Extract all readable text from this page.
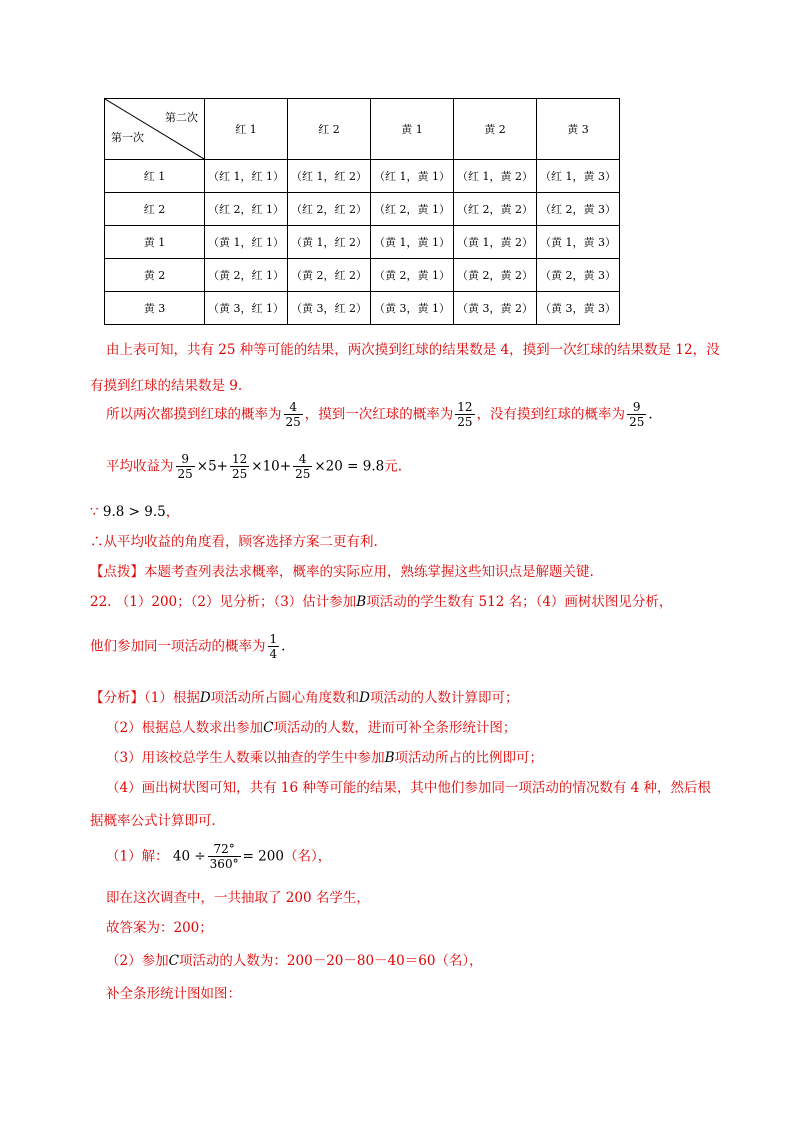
第二次
第一次	红 1	红 2	黄 1	黄 2	黄 3
红 1	（红 1，红 1）	（红 1，红 2）	（红 1，黄 1）	（红 1，黄 2）	（红 1，黄 3）
红 2	（红 2，红 1）	（红 2，红 2）	（红 2，黄 1）	（红 2，黄 2）	（红 2，黄 3）
黄 1	（黄 1，红 1）	（黄 1，红 2）	（黄 1，黄 1）	（黄 1，黄 2）	（黄 1，黄 3）
黄 2	（黄 2，红 1）	（黄 2，红 2）	（黄 2，黄 1）	（黄 2，黄 2）	（黄 2，黄 3）
黄 3	（黄 3，红 1）	（黄 3，红 2）	（黄 3，黄 1）	（黄 3，黄 2）	（黄 3，黄 3）
由上表可知，共有 25 种等可能的结果，两次摸到红球的结果数是 4，摸到一次红球的结果数是 12，没
有摸到红球的结果数是 9.
所以两次都摸到红球的概率为 $\frac{4}{25}$ ，摸到一次红球的概率为 $\frac{12}{25}$ ，没有摸到红球的概率为 $\frac{9}{25}$ .
平均收益为 $\frac{9}{25} \times 5+ \frac{12}{25} \times 10+ \frac{4}{25} \times 20 = 9.8$元.
∵ 9.8 > 9.5，
∴从平均收益的角度看，顾客选择方案二更有利.
【点拨】本题考查列表法求概率，概率的实际应用，熟练掌握这些知识点是解题关键.
22. （1）200；（2）见分析；（3）估计参加B项活动的学生数有 512 名；（4）画树状图见分析，
他们参加同一项活动的概率为 $\frac{1}{4}$ .
【分析】（1）根据D项活动所占圆心角度数和D项活动的人数计算即可；
（2）根据总人数求出参加C项活动的人数，进而可补全条形统计图；
（3）用该校总学生人数乘以抽查的学生中参加B项活动所占的比例即可；
（4）画出树状图可知，共有 16 种等可能的结果，其中他们参加同一项活动的情况数有 4 种，然后根
据概率公式计算即可.
（1）解： $40 \div \frac{72^\circ}{360^\circ} = 200$（名），
即在这次调查中，一共抽取了 200 名学生，
故答案为：200；
（2）参加C项活动的人数为：200－20－80－40＝60（名），
补全条形统计图如图：
